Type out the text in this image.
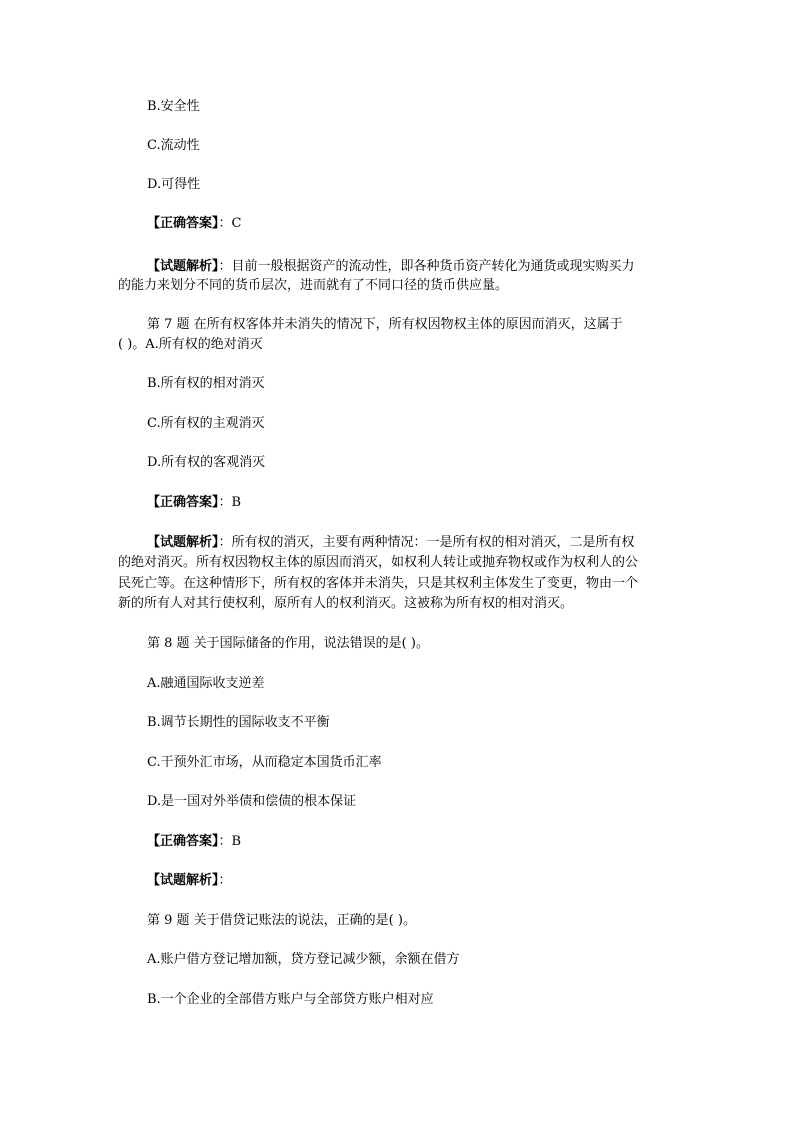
B.安全性
C.流动性
D.可得性
【正确答案】：C
【试题解析】：目前一般根据资产的流动性，即各种货币资产转化为通货或现实购买力
的能力来划分不同的货币层次，进而就有了不同口径的货币供应量。
第 7 题 在所有权客体并未消失的情况下，所有权因物权主体的原因而消灭，这属于
( )。A.所有权的绝对消灭
B.所有权的相对消灭
C.所有权的主观消灭
D.所有权的客观消灭
【正确答案】：B
【试题解析】：所有权的消灭，主要有两种情况：一是所有权的相对消灭，二是所有权
的绝对消灭。所有权因物权主体的原因而消灭，如权利人转让或抛弃物权或作为权利人的公
民死亡等。在这种情形下，所有权的客体并未消失，只是其权利主体发生了变更，物由一个
新的所有人对其行使权利，原所有人的权利消灭。这被称为所有权的相对消灭。
第 8 题 关于国际储备的作用，说法错误的是( )。
A.融通国际收支逆差
B.调节长期性的国际收支不平衡
C.干预外汇市场，从而稳定本国货币汇率
D.是一国对外举债和偿债的根本保证
【正确答案】：B
【试题解析】：
第 9 题 关于借贷记账法的说法，正确的是( )。
A.账户借方登记增加额，贷方登记减少额，余额在借方
B.一个企业的全部借方账户与全部贷方账户相对应
